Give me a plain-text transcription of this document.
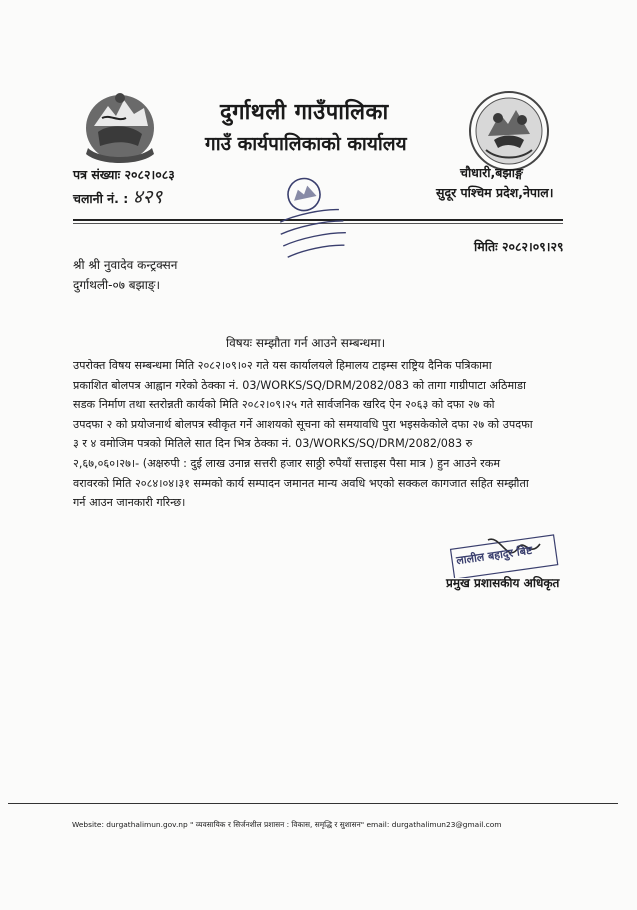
दुर्गाथली गाउँपालिका
गाउँ कार्यपालिकाको कार्यालय
पत्र संख्याः २०८२।०८३
चलानी नं. : ४२९
चौधारी,बझाङ्ग
सुदूर पश्चिम प्रदेश,नेपाल।
मितिः २०८२।०९।२९
श्री श्री नुवादेव कन्ट्रक्सन
दुर्गाथली-०७ बझाङ्।
विषयः सम्झौता गर्न आउने सम्बन्धमा।

उपरोक्त विषय सम्बन्धमा मिति २०८२।०९।०२ गते यस कार्यालयले हिमालय टाइम्स राष्ट्रिय दैनिक पत्रिकामा

प्रकाशित बोलपत्र आह्वान गरेको ठेक्का नं. 03/WORKS/SQ/DRM/2082/083 को तागा गाग्रीपाटा अठिमाडा

सडक निर्माण तथा स्तरोन्नती कार्यको मिति २०८२।०९।२५ गते सार्वजनिक खरिद ऐन २०६३ को दफा २७ को

उपदफा २ को प्रयोजनार्थ बोलपत्र स्वीकृत गर्ने आशयको सूचना को समयावधि पुरा भइसकेकोले दफा २७ को उपदफा

३ र ४ वमोजिम पत्रको मितिले सात दिन भित्र ठेक्का नं. 03/WORKS/SQ/DRM/2082/083 रु

२,६७,०६०।२७।- (अक्षरुपी : दुई लाख उनान्न सत्तरी हजार साठ्ठी रुपैयाँ सत्ताइस पैसा मात्र ) हुन आउने रकम

वरावरको मिति २०८४।०४।३१ सम्मको कार्य सम्पादन जमानत मान्य अवधि भएको सक्कल कागजात सहित सम्झौता

गर्न आउन जानकारी गरिन्छ।

लालील बहादुर बिष्ट
प्रमुख प्रशासकीय अधिकृत
Website: durgathalimun.gov.np " व्यवसायिक र सिर्जनशील प्रशासन : विकास, समृद्धि र सुशासन" email: durgathalimun23@gmail.com
